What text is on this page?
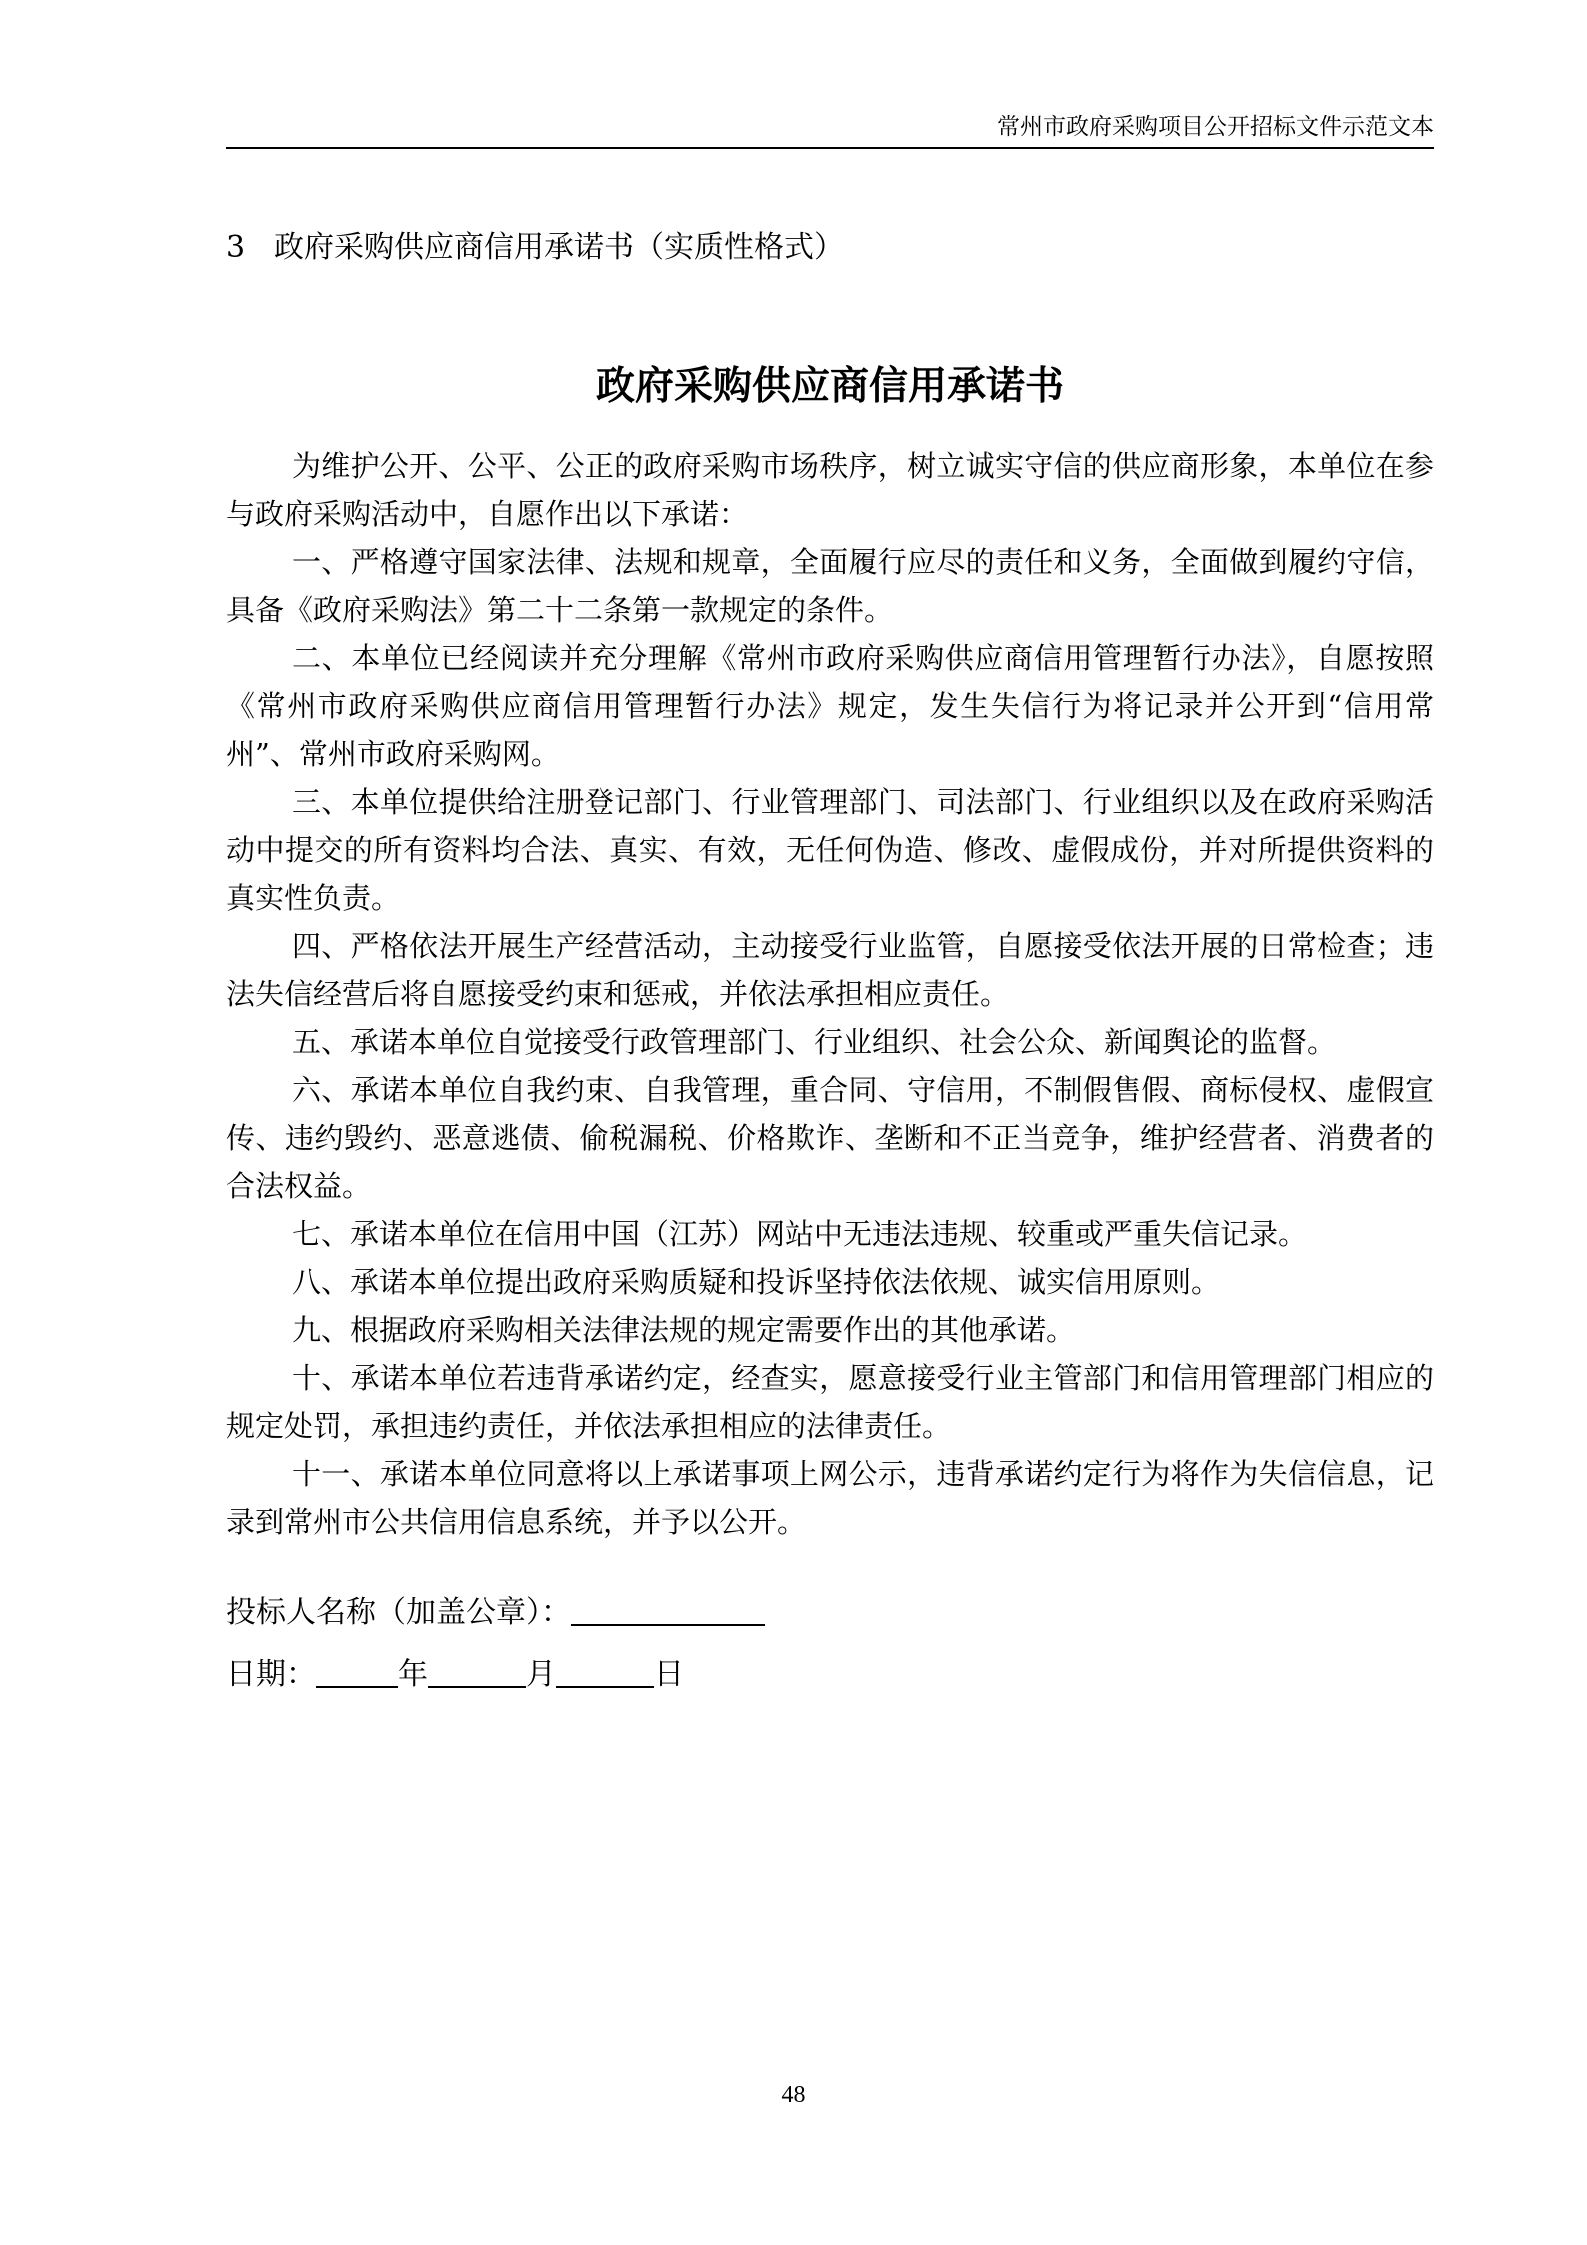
常州市政府采购项目公开招标文件示范文本
3 政府采购供应商信用承诺书（实质性格式）
政府采购供应商信用承诺书

为维护公开、公平、公正的政府采购市场秩序，树立诚实守信的供应商形象，本单位在参与政府采购活动中，自愿作出以下承诺：

一、严格遵守国家法律、法规和规章，全面履行应尽的责任和义务，全面做到履约守信，具备《政府采购法》第二十二条第一款规定的条件。

二、本单位已经阅读并充分理解《常州市政府采购供应商信用管理暂行办法》，自愿按照《常州市政府采购供应商信用管理暂行办法》规定，发生失信行为将记录并公开到“信用常州”、常州市政府采购网。

三、本单位提供给注册登记部门、行业管理部门、司法部门、行业组织以及在政府采购活动中提交的所有资料均合法、真实、有效，无任何伪造、修改、虚假成份，并对所提供资料的真实性负责。

四、严格依法开展生产经营活动，主动接受行业监管，自愿接受依法开展的日常检查；违法失信经营后将自愿接受约束和惩戒，并依法承担相应责任。

五、承诺本单位自觉接受行政管理部门、行业组织、社会公众、新闻舆论的监督。

六、承诺本单位自我约束、自我管理，重合同、守信用，不制假售假、商标侵权、虚假宣传、违约毁约、恶意逃债、偷税漏税、价格欺诈、垄断和不正当竞争，维护经营者、消费者的合法权益。

七、承诺本单位在信用中国（江苏）网站中无违法违规、较重或严重失信记录。

八、承诺本单位提出政府采购质疑和投诉坚持依法依规、诚实信用原则。

九、根据政府采购相关法律法规的规定需要作出的其他承诺。

十、承诺本单位若违背承诺约定，经查实，愿意接受行业主管部门和信用管理部门相应的规定处罚，承担违约责任，并依法承担相应的法律责任。

十一、承诺本单位同意将以上承诺事项上网公示，违背承诺约定行为将作为失信信息，记录到常州市公共信用信息系统，并予以公开。

投标人名称（加盖公章）：
日期：	年	月	日
48
